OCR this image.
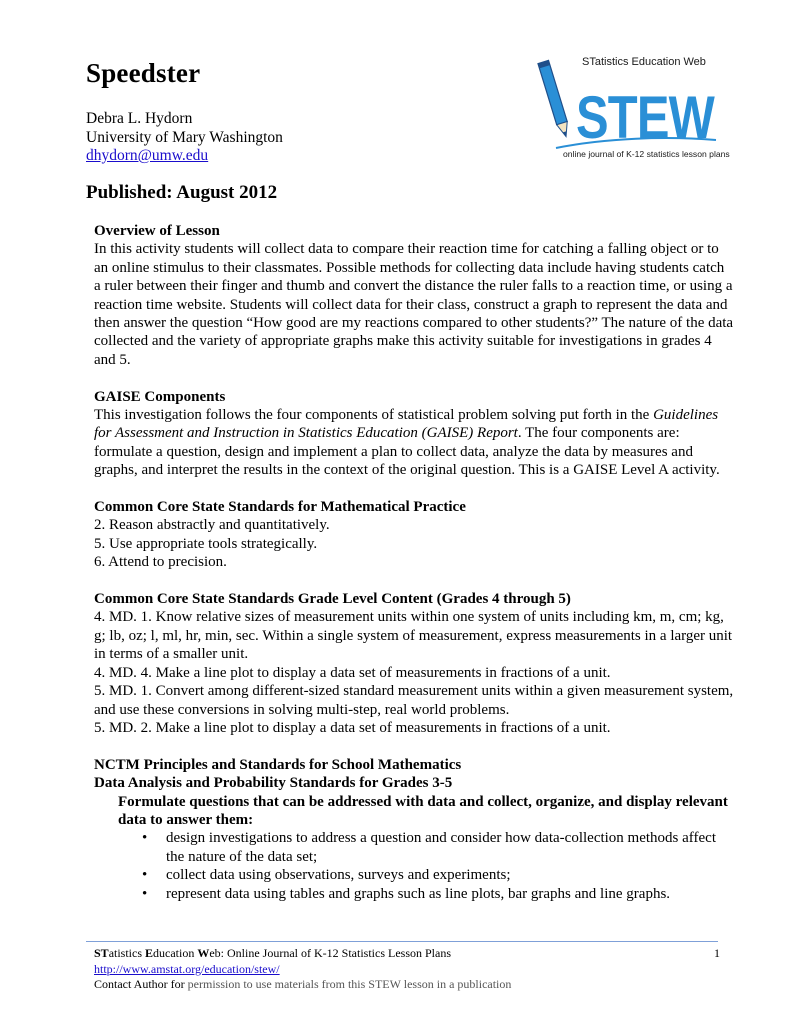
Speedster
Debra L. Hydorn
University of Mary Washington
dhydorn@umw.edu
Published: August 2012
STEW
STatistics Education Web
online journal of K-12 statistics lesson plans
Overview of Lesson

In this activity students will collect data to compare their reaction time for catching a falling object or to an online stimulus to their classmates. Possible methods for collecting data include having students catch a ruler between their finger and thumb and convert the distance the ruler falls to a reaction time, or using a reaction time website. Students will collect data for their class, construct a graph to represent the data and then answer the question “How good are my reactions compared to other students?” The nature of the data collected and the variety of appropriate graphs make this activity suitable for investigations in grades 4 and 5.

GAISE Components

This investigation follows the four components of statistical problem solving put forth in the Guidelines for Assessment and Instruction in Statistics Education (GAISE) Report. The four components are: formulate a question, design and implement a plan to collect data, analyze the data by measures and graphs, and interpret the results in the context of the original question. This is a GAISE Level A activity.

Common Core State Standards for Mathematical Practice
2. Reason abstractly and quantitatively.
5. Use appropriate tools strategically.
6. Attend to precision.
Common Core State Standards Grade Level Content (Grades 4 through 5)
4. MD. 1. Know relative sizes of measurement units within one system of units including km, m, cm; kg, g; lb, oz; l, ml, hr, min, sec. Within a single system of measurement, express measurements in a larger unit in terms of a smaller unit.
4. MD. 4. Make a line plot to display a data set of measurements in fractions of a unit.
5. MD. 1. Convert among different-sized standard measurement units within a given measurement system, and use these conversions in solving multi-step, real world problems.
5. MD. 2. Make a line plot to display a data set of measurements in fractions of a unit.
NCTM Principles and Standards for School Mathematics

Data Analysis and Probability Standards for Grades 3-5

Formulate questions that can be addressed with data and collect, organize, and display relevant data to answer them:

• design investigations to address a question and consider how data-collection methods affect the nature of the data set;
• collect data using observations, surveys and experiments;
• represent data using tables and graphs such as line plots, bar graphs and line graphs.
STatistics Education Web: Online Journal of K-12 Statistics Lesson Plans	1
http://www.amstat.org/education/stew/
Contact Author for permission to use materials from this STEW lesson in a publication
